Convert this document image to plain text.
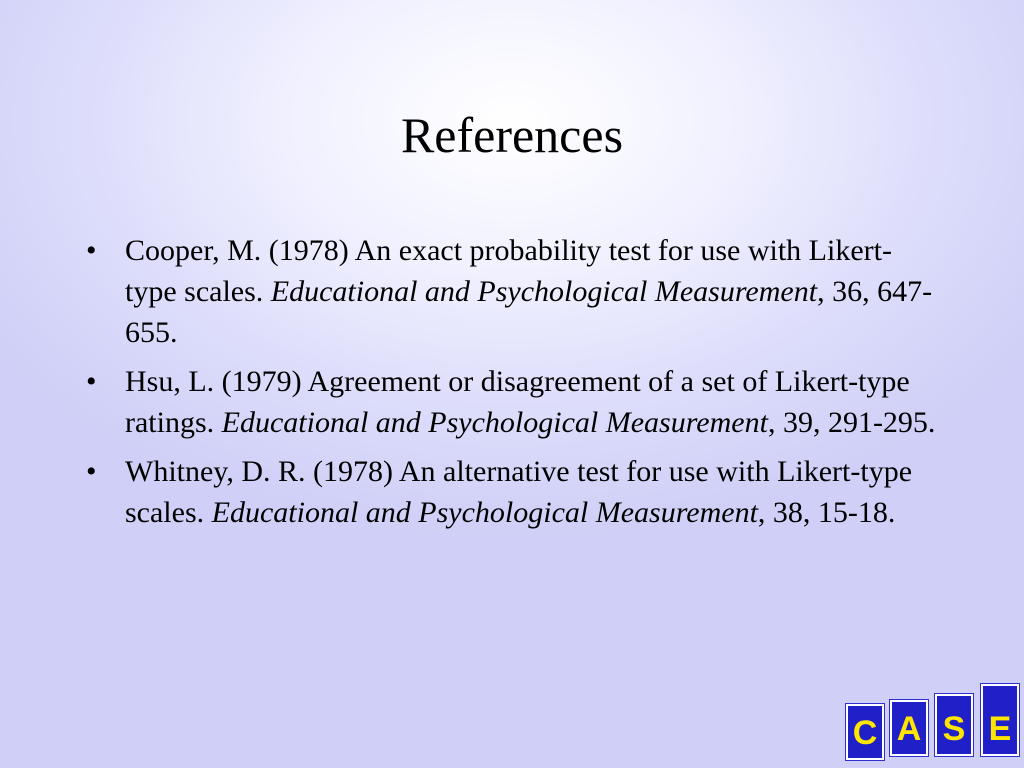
References
• Cooper, M. (1978) An exact probability test for use with Likert-type scales. Educational and Psychological Measurement, 36, 647-655.
• Hsu, L. (1979) Agreement or disagreement of a set of Likert-type ratings. Educational and Psychological Measurement, 39, 291-295.
• Whitney, D. R. (1978) An alternative test for use with Likert-type scales. Educational and Psychological Measurement, 38, 15-18.
C A S E
